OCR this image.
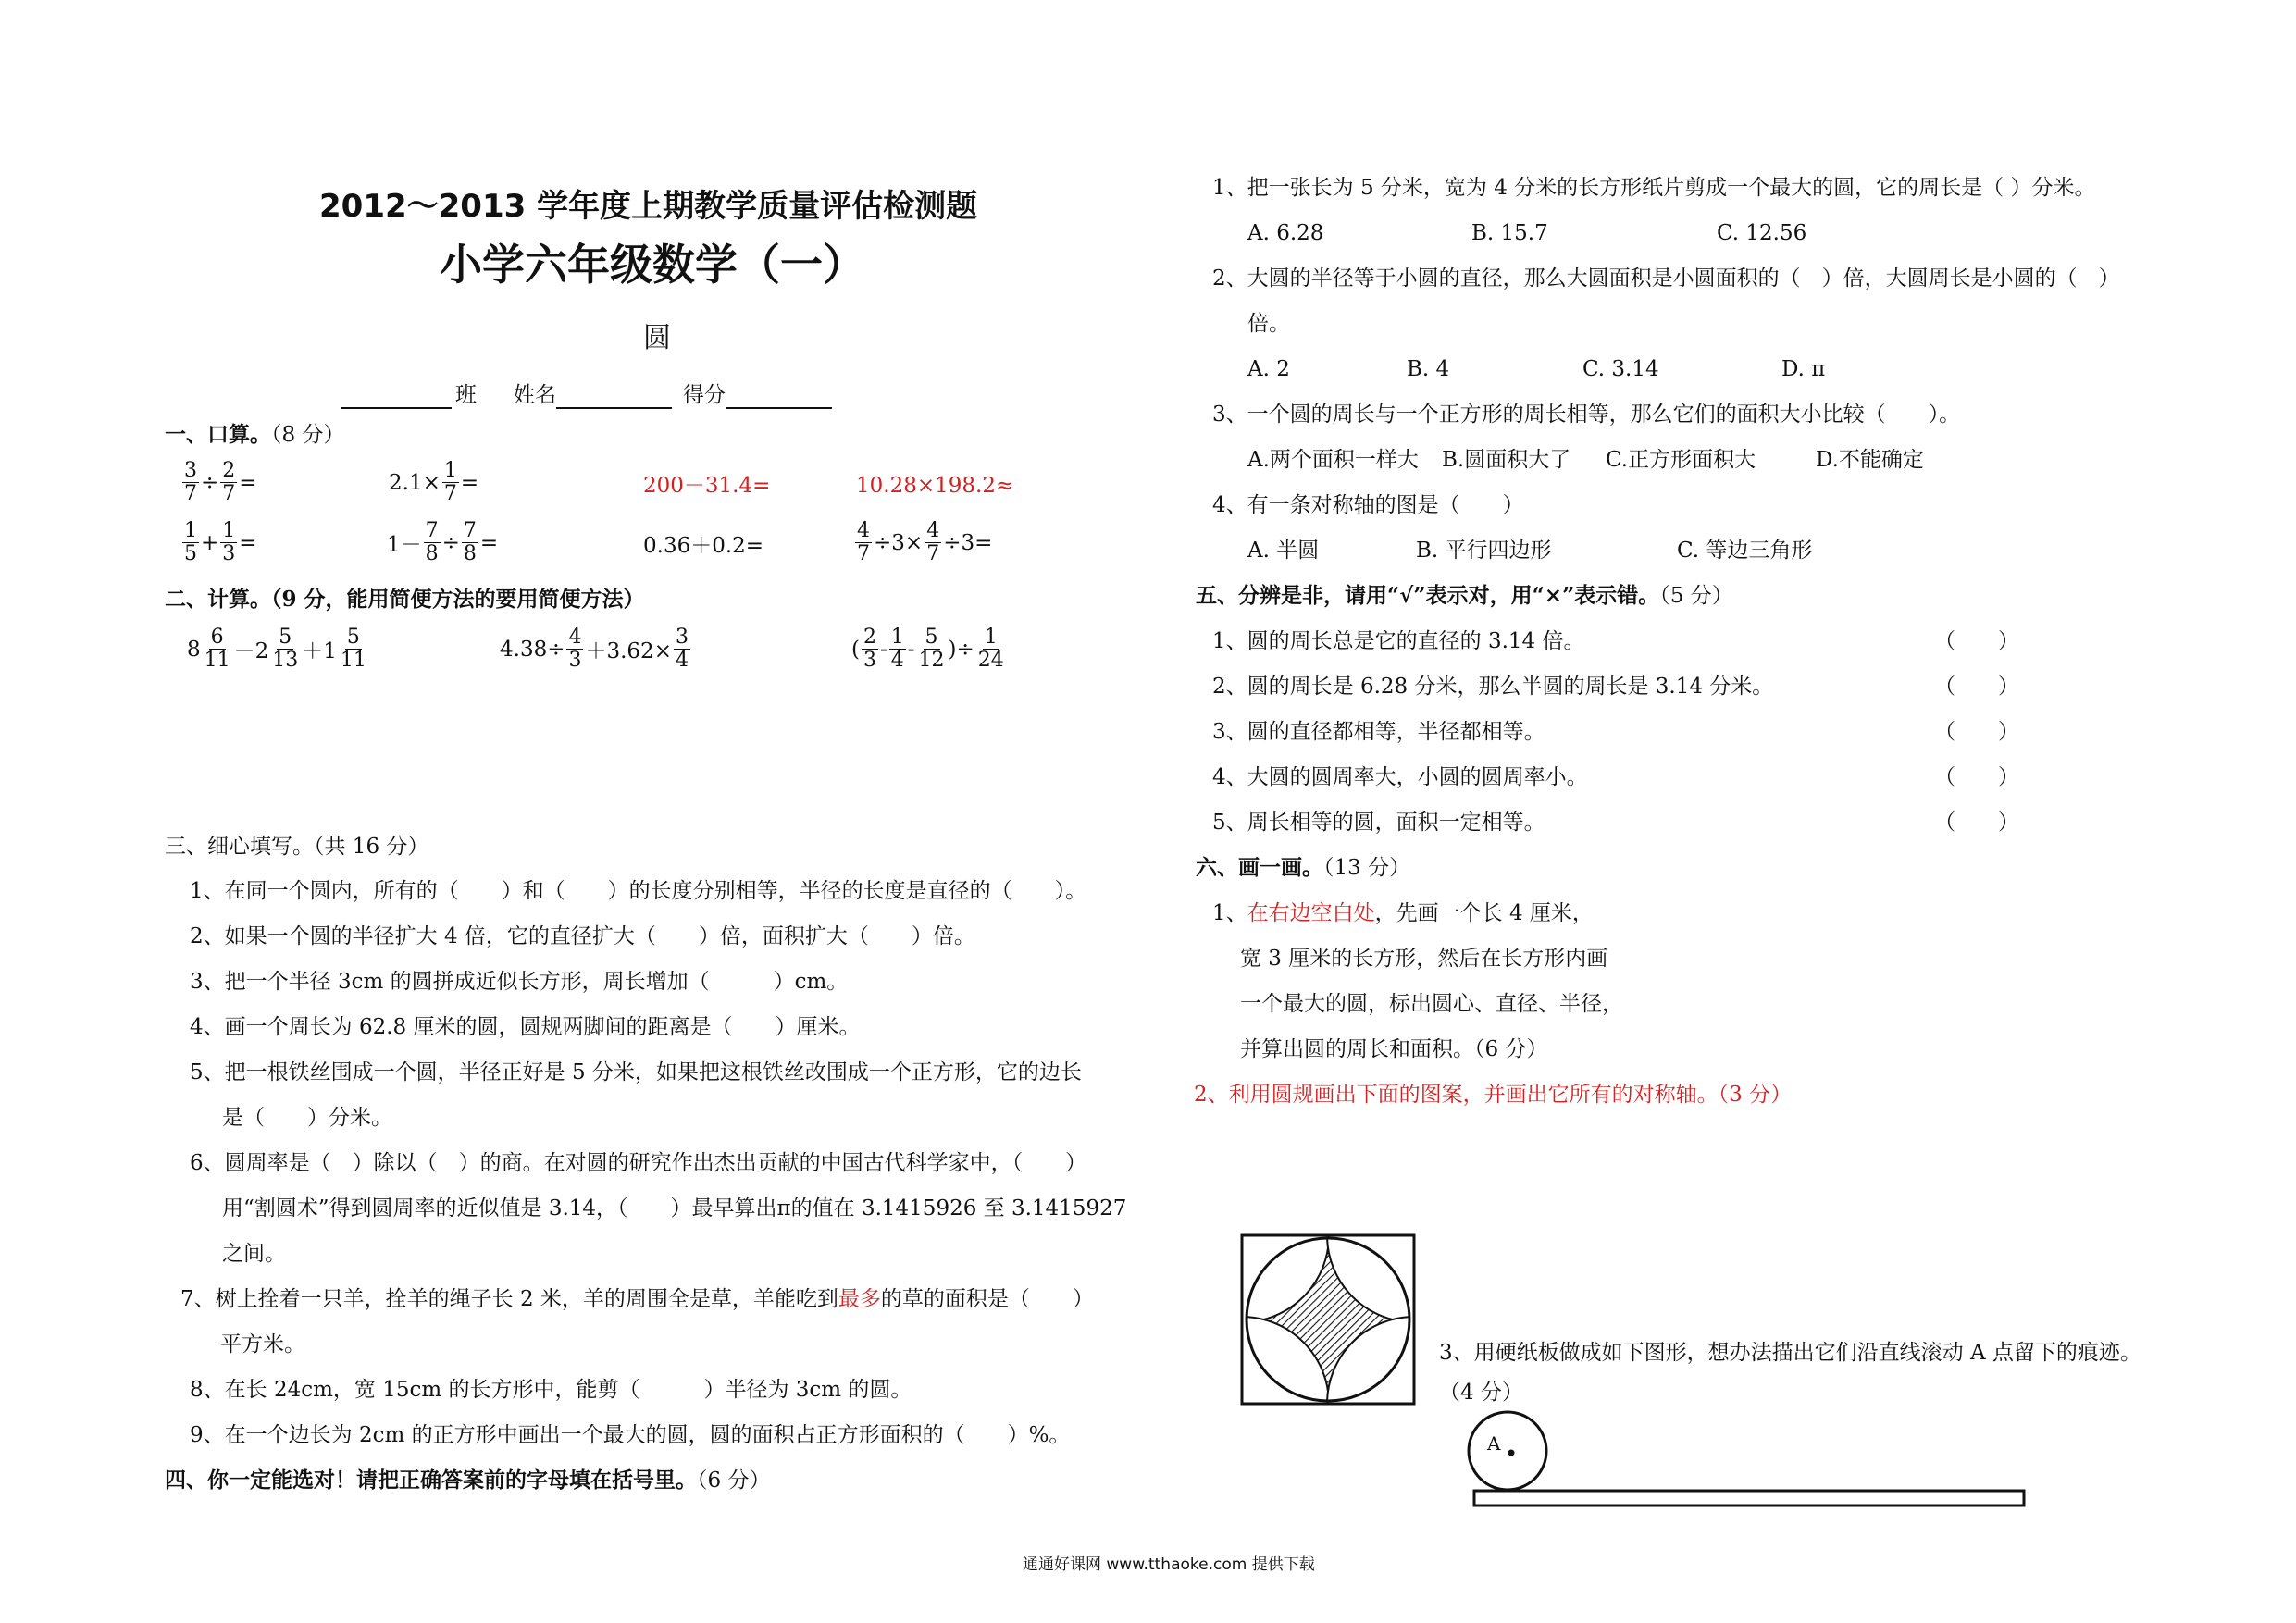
2012～2013 学年度上期教学质量评估检测题
小学六年级数学（一）
圆
班 姓名	得分
一、口算。（8 分）
$\frac{3}{7} \div \frac{2}{7}$ =	$2.1\times \frac{1}{7}$ =	200－31.4=	10.28×198.2≈
$\frac{1}{5} + \frac{1}{3}$ =	$1- \frac{7}{8} \div \frac{7}{8}$ =	0.36＋0.2=	$\frac{4}{7} \div 3\times \frac{4}{7} \div 3=$
二、计算。（9 分，能用简便方法的要用简便方法）
$8 \frac{6}{11} -2 \frac{5}{13} +1 \frac{5}{11}$	$4.38\div \frac{4}{3} +3.62\times \frac{3}{4}$	( $\frac{2}{3} - \frac{1}{4} - \frac{5}{12}$ )÷ $\frac{1}{24}$
三、细心填写。（共 16 分）
1、在同一个圆内，所有的（　　）和（　　）的长度分别相等，半径的长度是直径的（　　）。
2、如果一个圆的半径扩大 4 倍，它的直径扩大（　　）倍，面积扩大（　　）倍。
3、把一个半径 3cm 的圆拼成近似长方形，周长增加（　　　）cm。
4、画一个周长为 62.8 厘米的圆，圆规两脚间的距离是（　　）厘米。
5、把一根铁丝围成一个圆，半径正好是 5 分米，如果把这根铁丝改围成一个正方形，它的边长
是（　　）分米。
6、圆周率是（　）除以（　）的商。在对圆的研究作出杰出贡献的中国古代科学家中，（　　）
用“割圆术”得到圆周率的近似值是 3.14，（　　）最早算出π的值在 3.1415926 至 3.1415927
之间。
7、树上拴着一只羊，拴羊的绳子长 2 米，羊的周围全是草，羊能吃到最多的草的面积是（　　）
平方米。
8、在长 24cm，宽 15cm 的长方形中，能剪（　　　）半径为 3cm 的圆。
9、在一个边长为 2cm 的正方形中画出一个最大的圆，圆的面积占正方形面积的（　　）%。
四、你一定能选对！请把正确答案前的字母填在括号里。（6 分）
1、把一张长为 5 分米，宽为 4 分米的长方形纸片剪成一个最大的圆，它的周长是（ ）分米。
A. 6.28	B. 15.7	C. 12.56
2、大圆的半径等于小圆的直径，那么大圆面积是小圆面积的（　）倍，大圆周长是小圆的（　）
倍。
A. 2	B. 4	C. 3.14	D. π
3、一个圆的周长与一个正方形的周长相等，那么它们的面积大小比较（　　）。
A.两个面积一样大 B.圆面积大了 C.正方形面积大	D.不能确定
4、有一条对称轴的图是（　　）
A. 半圆	B. 平行四边形	C. 等边三角形
五、分辨是非，请用“√”表示对，用“×”表示错。（5 分）
1、圆的周长总是它的直径的 3.14 倍。	（　　）
2、圆的周长是 6.28 分米，那么半圆的周长是 3.14 分米。	（　　）
3、圆的直径都相等，半径都相等。	（　　）
4、大圆的圆周率大，小圆的圆周率小。	（　　）
5、周长相等的圆，面积一定相等。	（　　）
六、画一画。（13 分）
1、在右边空白处，先画一个长 4 厘米，
宽 3 厘米的长方形，然后在长方形内画
一个最大的圆，标出圆心、直径、半径，
并算出圆的周长和面积。（6 分）
2、利用圆规画出下面的图案，并画出它所有的对称轴。（3 分）
3、用硬纸板做成如下图形，想办法描出它们沿直线滚动 A 点留下的痕迹。
（4 分）
A
通通好课网 www.tthaoke.com 提供下载
